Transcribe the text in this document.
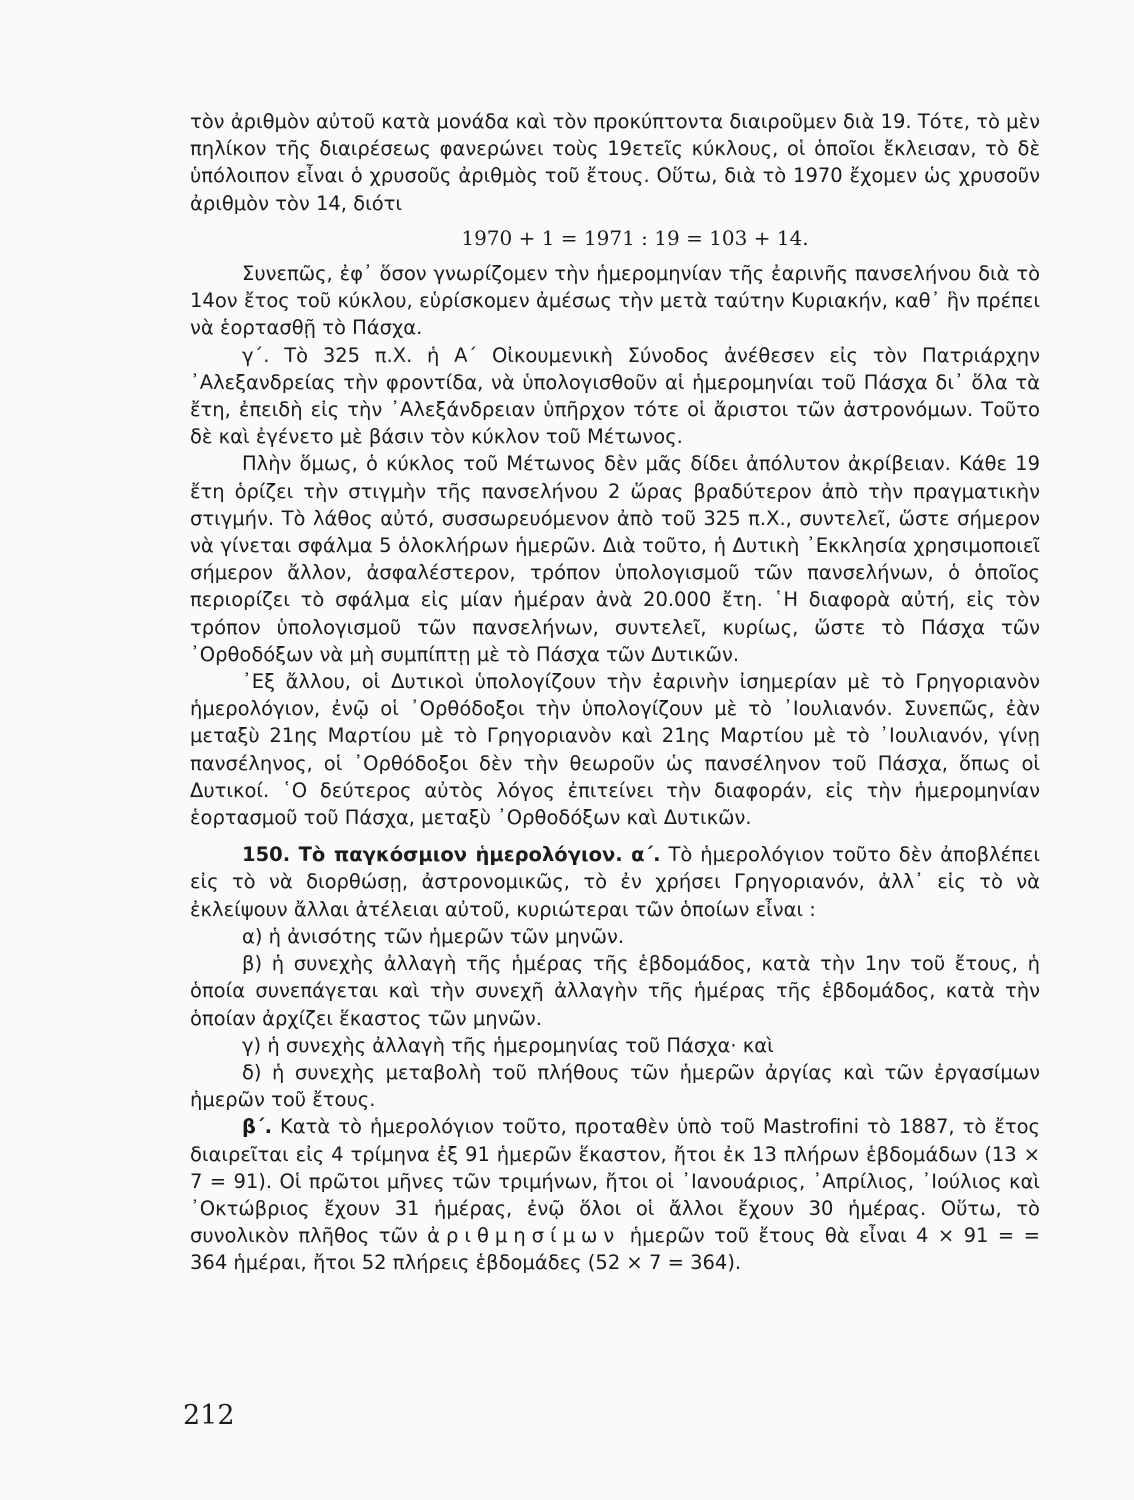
τὸν ἀριθμὸν αὐτοῦ κατὰ μονάδα καὶ τὸν προκύπτοντα διαιροῦμεν διὰ 19. Τότε, τὸ μὲν πηλίκον τῆς διαιρέσεως φανερώνει τοὺς 19ετεῖς κύκλους, οἱ ὁποῖοι ἔκλεισαν, τὸ δὲ ὑπόλοιπον εἶναι ὁ χρυσοῦς ἀριθμὸς τοῦ ἔτους. Οὕτω, διὰ τὸ 1970 ἔχομεν ὡς χρυσοῦν ἀριθμὸν τὸν 14, διότι

1970 + 1 = 1971 : 19 = 103 + 14.

Συνεπῶς, ἐφ᾽ ὅσον γνωρίζομεν τὴν ἡμερομηνίαν τῆς ἐαρινῆς πανσελήνου διὰ τὸ 14ον ἔτος τοῦ κύκλου, εὑρίσκομεν ἀμέσως τὴν μετὰ ταύτην Κυριακήν, καθ᾽ ἣν πρέπει νὰ ἑορτασθῇ τὸ Πάσχα.

γ΄. Τὸ 325 π.Χ. ἡ Α΄ Οἰκουμενικὴ Σύνοδος ἀνέθεσεν εἰς τὸν Πατριάρχην ᾿Αλεξανδρείας τὴν φροντίδα, νὰ ὑπολογισθοῦν αἱ ἡμερομηνίαι τοῦ Πάσχα δι᾽ ὅλα τὰ ἔτη, ἐπειδὴ εἰς τὴν ᾿Αλεξάνδρειαν ὑπῆρχον τότε οἱ ἄριστοι τῶν ἀστρονόμων. Τοῦτο δὲ καὶ ἐγένετο μὲ βάσιν τὸν κύκλον τοῦ Μέτωνος.

Πλὴν ὅμως, ὁ κύκλος τοῦ Μέτωνος δὲν μᾶς δίδει ἀπόλυτον ἀκρίβειαν. Κάθε 19 ἔτη ὁρίζει τὴν στιγμὴν τῆς πανσελήνου 2 ὥρας βραδύτερον ἀπὸ τὴν πραγματικὴν στιγμήν. Τὸ λάθος αὐτό, συσσωρευόμενον ἀπὸ τοῦ 325 π.Χ., συντελεῖ, ὥστε σήμερον νὰ γίνεται σφάλμα 5 ὁλοκλήρων ἡμερῶν. Διὰ τοῦτο, ἡ Δυτικὴ ᾿Εκκλησία χρησιμοποιεῖ σήμερον ἄλλον, ἀσφαλέστερον, τρόπον ὑπολογισμοῦ τῶν πανσελήνων, ὁ ὁποῖος περιορίζει τὸ σφάλμα εἰς μίαν ἡμέραν ἀνὰ 20.000 ἔτη. ῾Η διαφορὰ αὐτή, εἰς τὸν τρόπον ὑπολογισμοῦ τῶν πανσελήνων, συντελεῖ, κυρίως, ὥστε τὸ Πάσχα τῶν ᾿Ορθοδόξων νὰ μὴ συμπίπτῃ μὲ τὸ Πάσχα τῶν Δυτικῶν.

᾿Εξ ἄλλου, οἱ Δυτικοὶ ὑπολογίζουν τὴν ἐαρινὴν ἰσημερίαν μὲ τὸ Γρηγοριανὸν ἡμερολόγιον, ἐνῷ οἱ ᾿Ορθόδοξοι τὴν ὑπολογίζουν μὲ τὸ ᾿Ιουλιανόν. Συνεπῶς, ἐὰν μεταξὺ 21ης Μαρτίου μὲ τὸ Γρηγοριανὸν καὶ 21ης Μαρτίου μὲ τὸ ᾿Ιουλιανόν, γίνῃ πανσέληνος, οἱ ᾿Ορθόδοξοι δὲν τὴν θεωροῦν ὡς πανσέληνον τοῦ Πάσχα, ὅπως οἱ Δυτικοί. ῾Ο δεύτερος αὐτὸς λόγος ἐπιτείνει τὴν διαφοράν, εἰς τὴν ἡμερομηνίαν ἑορτασμοῦ τοῦ Πάσχα, μεταξὺ ᾿Ορθοδόξων καὶ Δυτικῶν.

150. Τὸ παγκόσμιον ἡμερολόγιον. α΄. Τὸ ἡμερολόγιον τοῦτο δὲν ἀποβλέπει εἰς τὸ νὰ διορθώσῃ, ἀστρονομικῶς, τὸ ἐν χρήσει Γρηγοριανόν, ἀλλ᾽ εἰς τὸ νὰ ἐκλείψουν ἄλλαι ἀτέλειαι αὐτοῦ, κυριώτεραι τῶν ὁποίων εἶναι :

α) ἡ ἀνισότης τῶν ἡμερῶν τῶν μηνῶν.

β) ἡ συνεχὴς ἀλλαγὴ τῆς ἡμέρας τῆς ἑβδομάδος, κατὰ τὴν 1ην τοῦ ἔτους, ἡ ὁποία συνεπάγεται καὶ τὴν συνεχῆ ἀλλαγὴν τῆς ἡμέρας τῆς ἑβδομάδος, κατὰ τὴν ὁποίαν ἀρχίζει ἕκαστος τῶν μηνῶν.

γ) ἡ συνεχὴς ἀλλαγὴ τῆς ἡμερομηνίας τοῦ Πάσχα· καὶ

δ) ἡ συνεχὴς μεταβολὴ τοῦ πλήθους τῶν ἡμερῶν ἀργίας καὶ τῶν ἐργασίμων ἡμερῶν τοῦ ἔτους.

β΄. Κατὰ τὸ ἡμερολόγιον τοῦτο, προταθὲν ὑπὸ τοῦ Mastrofini τὸ 1887, τὸ ἔτος διαιρεῖται εἰς 4 τρίμηνα ἐξ 91 ἡμερῶν ἕκαστον, ἤτοι ἐκ 13 πλήρων ἑβδομάδων (13 × 7 = 91). Οἱ πρῶτοι μῆνες τῶν τριμήνων, ἤτοι οἱ ᾿Ιανουάριος, ᾿Απρίλιος, ᾿Ιούλιος καὶ ᾿Οκτώβριος ἔχουν 31 ἡμέρας, ἐνῷ ὅλοι οἱ ἄλλοι ἔχουν 30 ἡμέρας. Οὕτω, τὸ συνολικὸν πλῆθος τῶν ἀριθμησίμων ἡμερῶν τοῦ ἔτους θὰ εἶναι 4 × 91 = = 364 ἡμέραι, ἤτοι 52 πλήρεις ἑβδομάδες (52 × 7 = 364).

212
